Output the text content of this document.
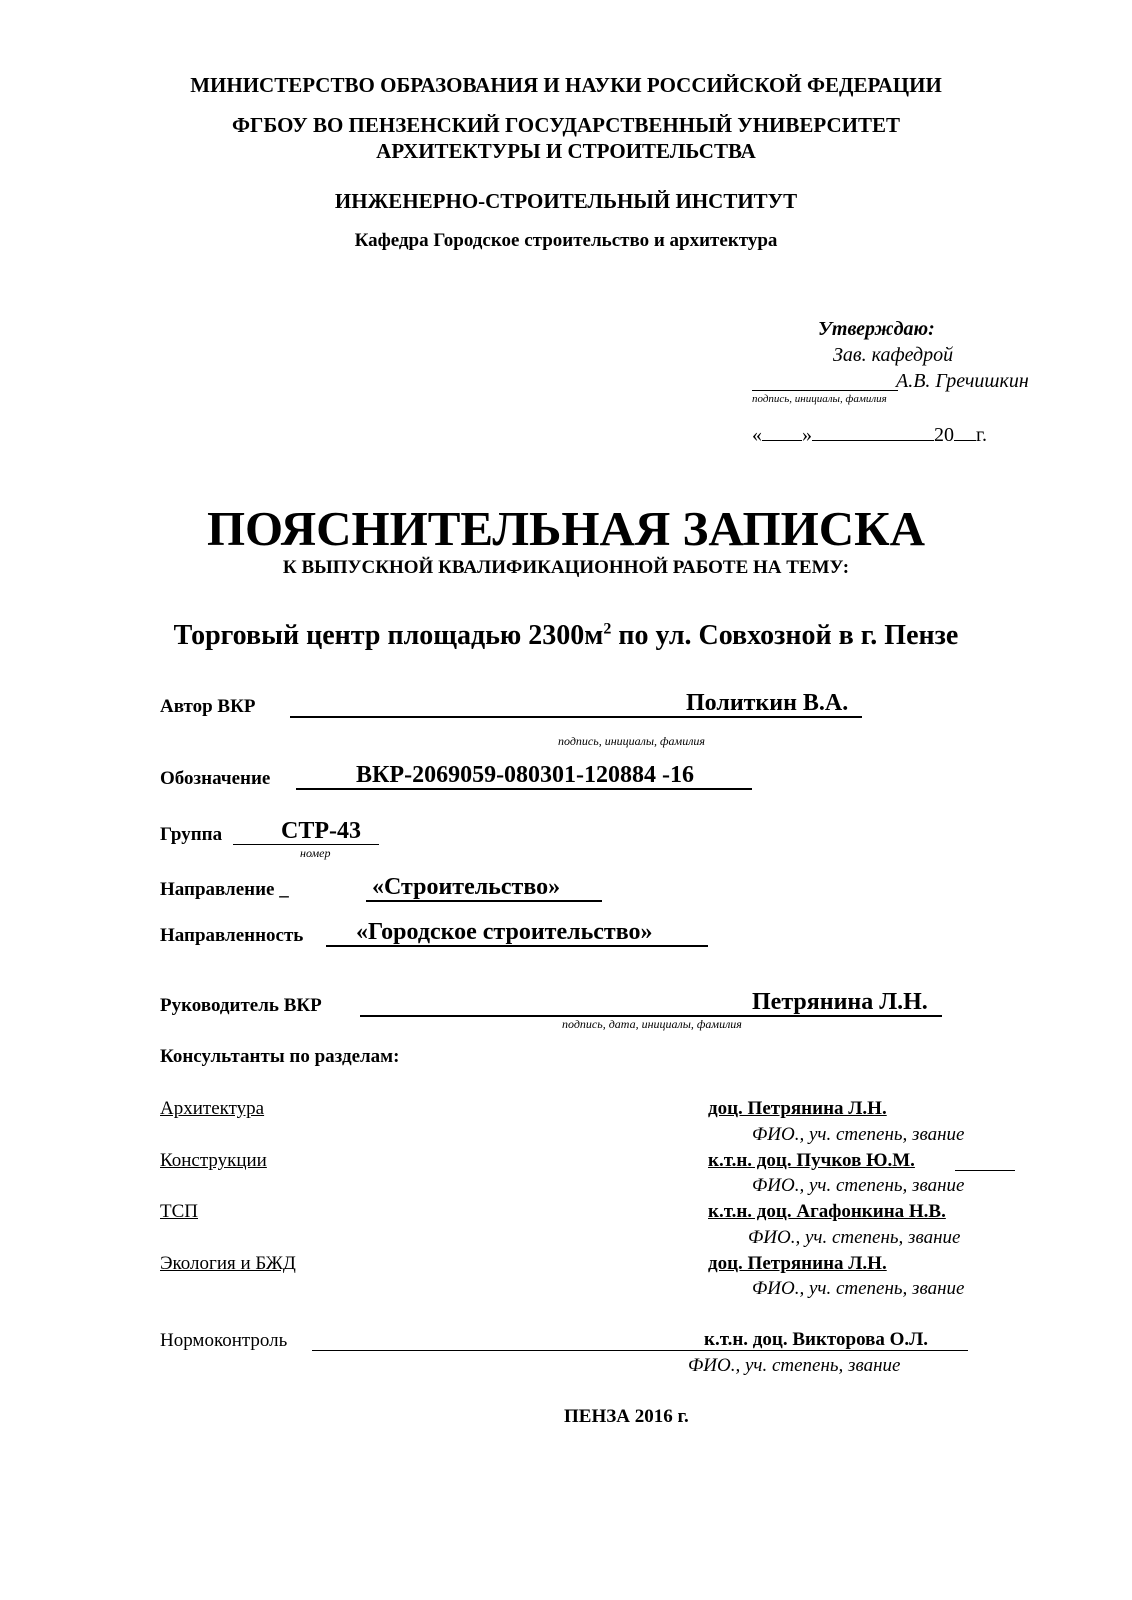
МИНИСТЕРСТВО ОБРАЗОВАНИЯ И НАУКИ РОССИЙСКОЙ ФЕДЕРАЦИИ
ФГБОУ ВО ПЕНЗЕНСКИЙ ГОСУДАРСТВЕННЫЙ УНИВЕРСИТЕТ
АРХИТЕКТУРЫ И СТРОИТЕЛЬСТВА
ИНЖЕНЕРНО-СТРОИТЕЛЬНЫЙ ИНСТИТУТ
Кафедра Городское строительство и архитектура
Утверждаю:
Зав. кафедрой
А.В. Гречишкин
подпись, инициалы, фамилия
« »	20 г.
ПОЯСНИТЕЛЬНАЯ ЗАПИСКА
К ВЫПУСКНОЙ КВАЛИФИКАЦИОННОЙ РАБОТЕ НА ТЕМУ:
Торговый центр площадью $2300м^2$ по ул. Совхозной в г. Пензе
Автор ВКР	Политкин В.А.
подпись, инициалы, фамилия
Обозначение	ВКР-2069059-080301-120884 -16
Группа СТР-43
номер
Направление _	«Строительство»
Направленность «Городское строительство»
Руководитель ВКР	Петрянина Л.Н.
подпись, дата, инициалы, фамилия
Консультанты по разделам:
Архитектура	доц. Петрянина Л.Н.
ФИО., уч. степень, звание
Конструкции	к.т.н. доц. Пучков Ю.М.
ФИО., уч. степень, звание
ТСП	к.т.н. доц. Агафонкина Н.В.
ФИО., уч. степень, звание
Экология и БЖД	доц. Петрянина Л.Н.
ФИО., уч. степень, звание
Нормоконтроль	к.т.н. доц. Викторова О.Л.
ФИО., уч. степень, звание
ПЕНЗА 2016 г.
